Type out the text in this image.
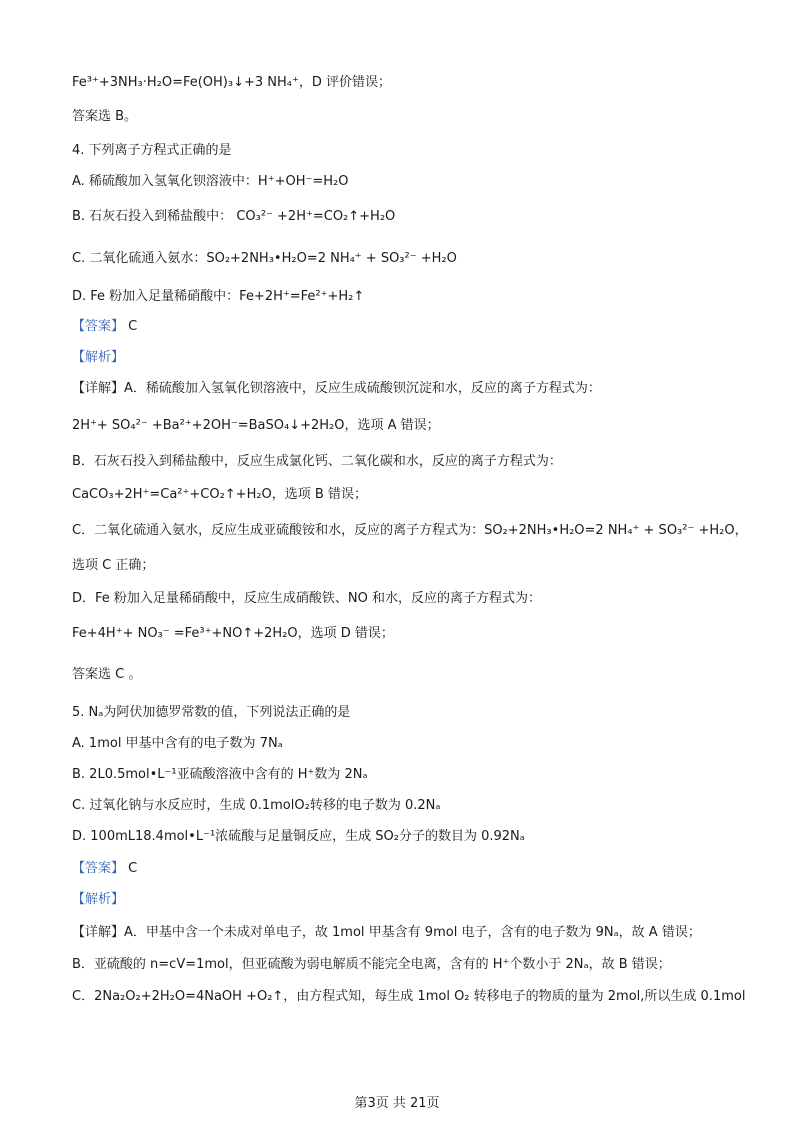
Fe³⁺+3NH₃·H₂O=Fe(OH)₃↓+3 NH₄⁺，D 评价错误；
答案选 B。
4. 下列离子方程式正确的是
A. 稀硫酸加入氢氧化钡溶液中：H⁺+OH⁻=H₂O
B. 石灰石投入到稀盐酸中： CO₃²⁻ +2H⁺=CO₂↑+H₂O
C. 二氧化硫通入氨水：SO₂+2NH₃•H₂O=2 NH₄⁺ + SO₃²⁻ +H₂O
D. Fe 粉加入足量稀硝酸中：Fe+2H⁺=Fe²⁺+H₂↑
【答案】 C
【解析】
【详解】A．稀硫酸加入氢氧化钡溶液中，反应生成硫酸钡沉淀和水，反应的离子方程式为：
2H⁺+ SO₄²⁻ +Ba²⁺+2OH⁻=BaSO₄↓+2H₂O，选项 A 错误；
B．石灰石投入到稀盐酸中，反应生成氯化钙、二氧化碳和水，反应的离子方程式为：
CaCO₃+2H⁺=Ca²⁺+CO₂↑+H₂O，选项 B 错误；
C．二氧化硫通入氨水，反应生成亚硫酸铵和水，反应的离子方程式为：SO₂+2NH₃•H₂O=2 NH₄⁺ + SO₃²⁻ +H₂O，
选项 C 正确；
D．Fe 粉加入足量稀硝酸中，反应生成硝酸铁、NO 和水，反应的离子方程式为：
Fe+4H⁺+ NO₃⁻ =Fe³⁺+NO↑+2H₂O，选项 D 错误；
答案选 C 。
5. Nₐ为阿伏加德罗常数的值，下列说法正确的是
A. 1mol 甲基中含有的电子数为 7Nₐ
B. 2L0.5mol•L⁻¹亚硫酸溶液中含有的 H⁺数为 2Nₐ
C. 过氧化钠与水反应时，生成 0.1molO₂转移的电子数为 0.2Nₐ
D. 100mL18.4mol•L⁻¹浓硫酸与足量铜反应，生成 SO₂分子的数目为 0.92Nₐ
【答案】 C
【解析】
【详解】A．甲基中含一个未成对单电子，故 1mol 甲基含有 9mol 电子，含有的电子数为 9Nₐ，故 A 错误；
B．亚硫酸的 n=cV=1mol，但亚硫酸为弱电解质不能完全电离，含有的 H⁺个数小于 2Nₐ，故 B 错误；
C．2Na₂O₂+2H₂O=4NaOH +O₂↑，由方程式知，每生成 1mol O₂ 转移电子的物质的量为 2mol,所以生成 0.1mol
第3页 共 21页
